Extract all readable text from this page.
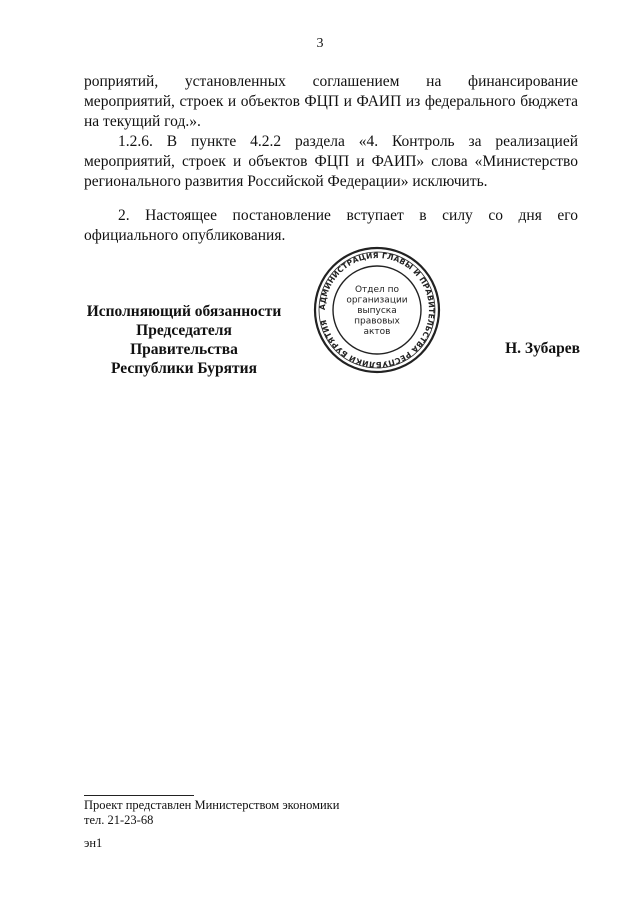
3

роприятий, установленных соглашением на финансирование мероприятий, строек и объектов ФЦП и ФАИП из федерального бюджета на текущий год.».

1.2.6. В пункте 4.2.2 раздела «4. Контроль за реализацией мероприятий, строек и объектов ФЦП и ФАИП» слова «Министерство регионального развития Российской Федерации» исключить.

2. Настоящее постановление вступает в силу со дня его официального опубликования.

Исполняющий обязанности
Председателя Правительства
Республики Бурятия
АДМИНИСТРАЦИЯ ГЛАВЫ И ПРАВИТЕЛЬСТВА РЕСПУБЛИКИ БУРЯТИЯ
Отдел по
организации
выпуска
правовых
актов
Н. Зубарев
Проект представлен Министерством экономики
тел. 21-23-68
эн1
